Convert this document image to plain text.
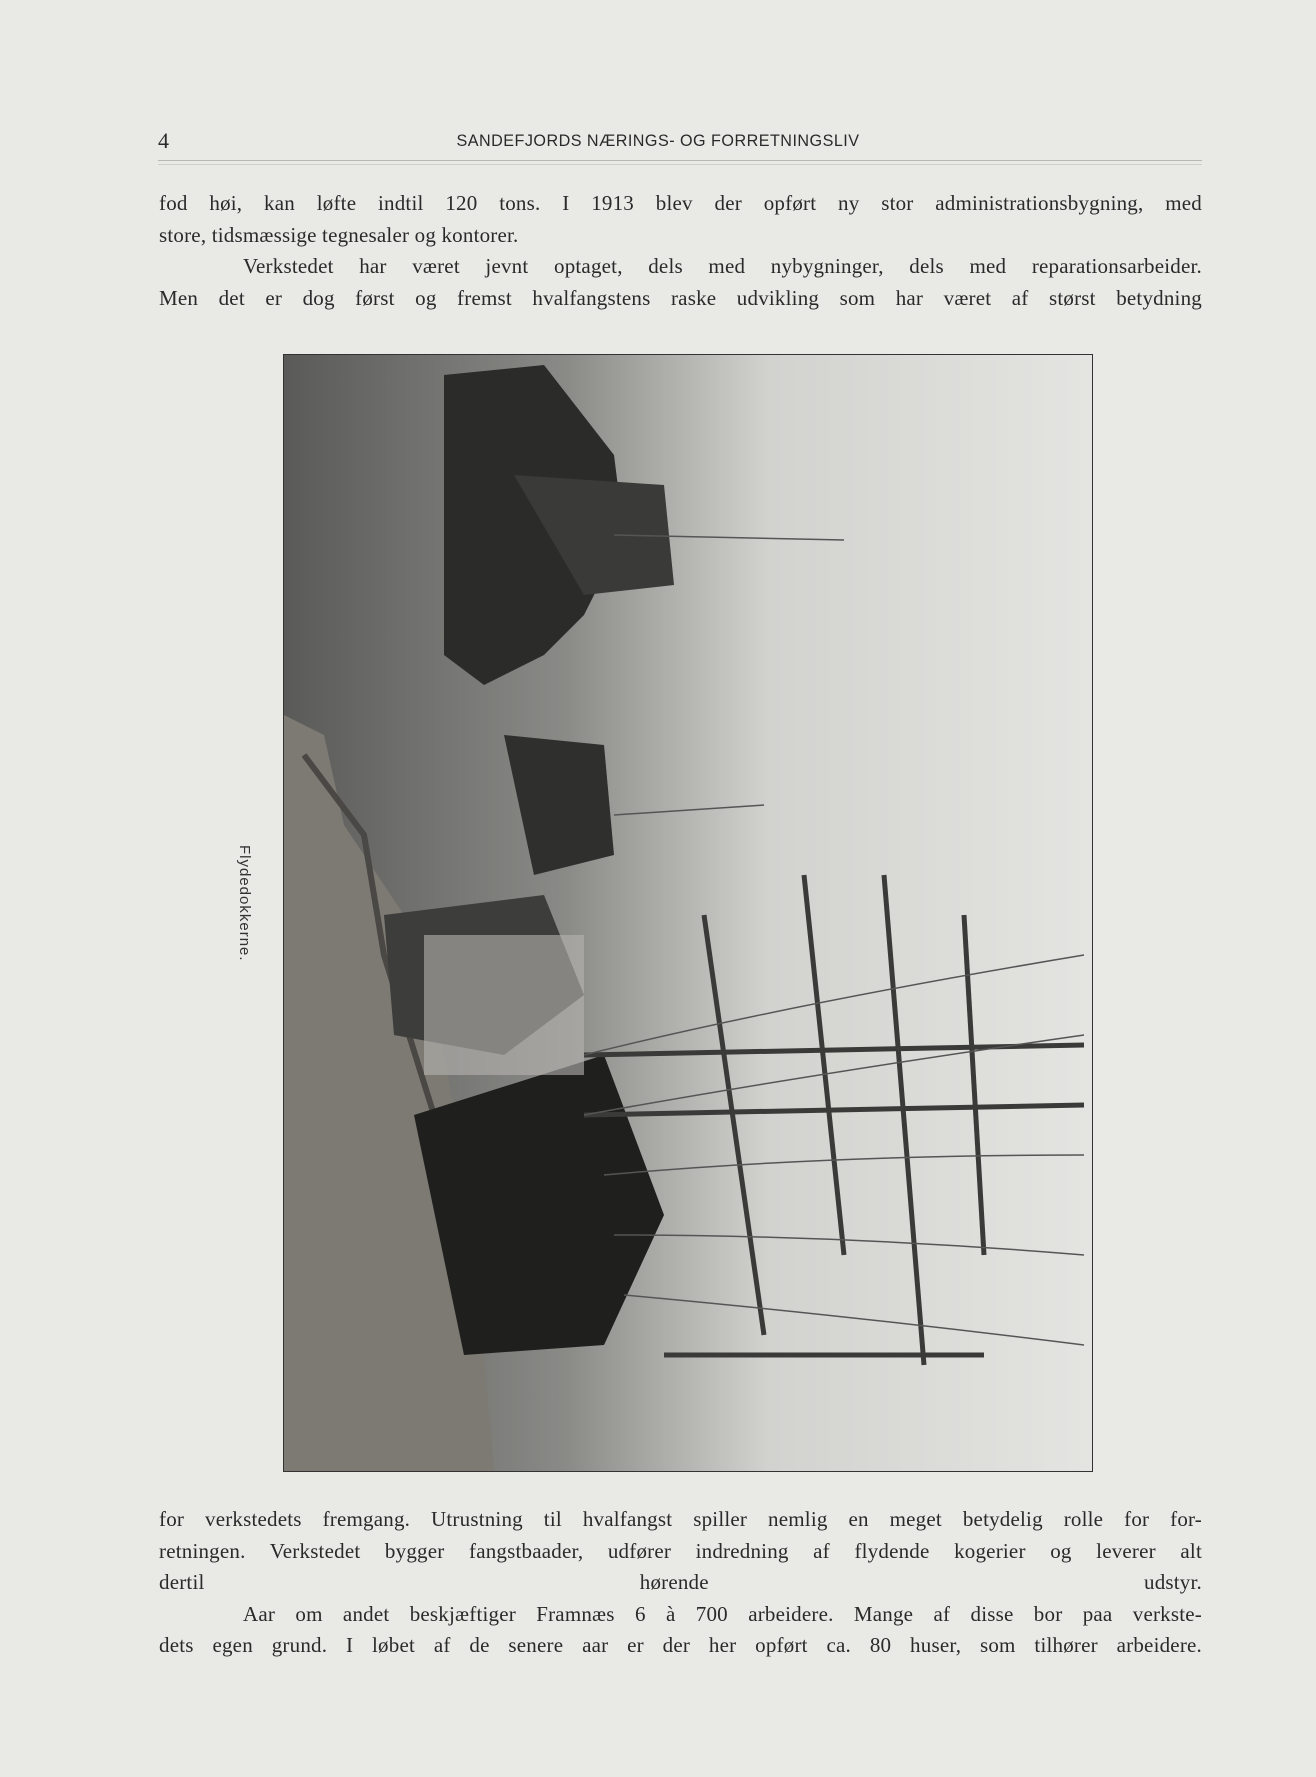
4	SANDEFJORDS NÆRINGS- OG FORRETNINGSLIV
fod høi, kan løfte indtil 120 tons. I 1913 blev der opført ny stor administrationsbygning, med
store, tidsmæssige tegnesaler og kontorer.
Verkstedet har været jevnt optaget, dels med nybygninger, dels med reparationsarbeider.
Men det er dog først og fremst hvalfangstens raske udvikling som har været af størst betydning
Flydedokkerne.
for verkstedets fremgang. Utrustning til hvalfangst spiller nemlig en meget betydelig rolle for for-
retningen. Verkstedet bygger fangstbaader, udfører indredning af flydende kogerier og leverer alt
dertil hørende udstyr.
Aar om andet beskjæftiger Framnæs 6 à 700 arbeidere. Mange af disse bor paa verkste-
dets egen grund. I løbet af de senere aar er der her opført ca. 80 huser, som tilhører arbeidere.
